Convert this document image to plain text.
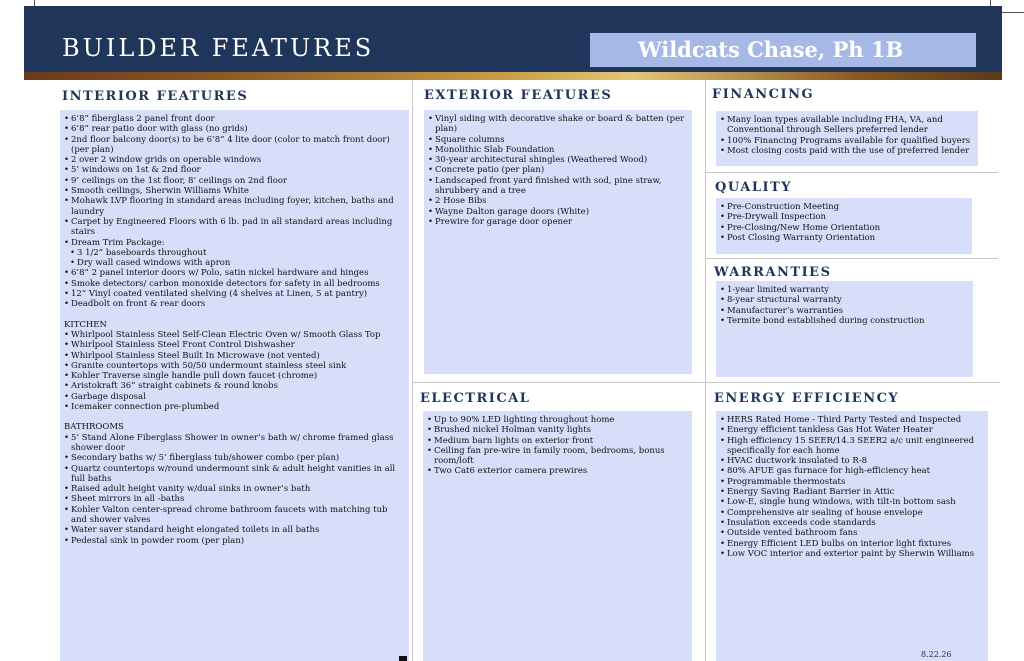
BUILDER FEATURES	Wildcats Chase, Ph 1B
INTERIOR FEATURES
• 6’8” fiberglass 2 panel front door
• 6’8” rear patio door with glass (no grids)
• 2nd floor balcony door(s) to be 6’8” 4 lite door (color to match front door) (per plan)
• 2 over 2 window grids on operable windows
• 5’ windows on 1st & 2nd floor
• 9’ ceilings on the 1st floor, 8’ ceilings on 2nd floor
• Smooth ceilings, Sherwin Williams White
• Mohawk LVP flooring in standard areas including foyer, kitchen, baths and laundry
• Carpet by Engineered Floors with 6 lb. pad in all standard areas including stairs
• Dream Trim Package:
• 3 1/2” baseboards throughout
• Dry wall cased windows with apron
• 6’8” 2 panel interior doors w/ Polo, satin nickel hardware and hinges
• Smoke detectors/ carbon monoxide detectors for safety in all bedrooms
• 12” Vinyl coated ventilated shelving (4 shelves at Linen, 5 at pantry)
• Deadbolt on front & rear doors
KITCHEN
• Whirlpool Stainless Steel Self-Clean Electric Oven w/ Smooth Glass Top
• Whirlpool Stainless Steel Front Control Dishwasher
• Whirlpool Stainless Steel Built In Microwave (not vented)
• Granite countertops with 50/50 undermount stainless steel sink
• Kohler Traverse single handle pull down faucet (chrome)
• Aristokraft 36” straight cabinets & round knobs
• Garbage disposal
• Icemaker connection pre-plumbed
BATHROOMS
• 5’ Stand Alone Fiberglass Shower in owner’s bath w/ chrome framed glass shower door
• Secondary baths w/ 5’ fiberglass tub/shower combo (per plan)
• Quartz countertops w/round undermount sink & adult height vanities in all full baths
• Raised adult height vanity w/dual sinks in owner’s bath
• Sheet mirrors in all -baths
• Kohler Valton center-spread chrome bathroom faucets with matching tub and shower valves
• Water saver standard height elongated toilets in all baths
• Pedestal sink in powder room (per plan)
EXTERIOR FEATURES
• Vinyl siding with decorative shake or board & batten (per plan)
• Square columns
• Monolithic Slab Foundation
• 30-year architectural shingles (Weathered Wood)
• Concrete patio (per plan)
• Landscaped front yard finished with sod, pine straw, shrubbery and a tree
• 2 Hose Bibs
• Wayne Dalton garage doors (White)
• Prewire for garage door opener
FINANCING
• Many loan types available including FHA, VA, and Conventional through Sellers preferred lender
• 100% Financing Programs available for qualified buyers
• Most closing costs paid with the use of preferred lender
QUALITY
• Pre-Construction Meeting
• Pre-Drywall Inspection
• Pre-Closing/New Home Orientation
• Post Closing Warranty Orientation
WARRANTIES
• 1-year limited warranty
• 8-year structural warranty
• Manufacturer’s warranties
• Termite bond established during construction
ELECTRICAL
• Up to 90% LED lighting throughout home
• Brushed nickel Holman vanity lights
• Medium barn lights on exterior front
• Ceiling fan pre-wire in family room, bedrooms, bonus room/loft
• Two Cat6 exterior camera prewires
ENERGY EFFICIENCY
• HERS Rated Home - Third Party Tested and Inspected
• Energy efficient tankless Gas Hot Water Heater
• High efficiency 15 SEER/14.3 SEER2 a/c unit engineered specifically for each home
• HVAC ductwork insulated to R-8
• 80% AFUE gas furnace for high-efficiency heat
• Programmable thermostats
• Energy Saving Radiant Barrier in Attic
• Low-E, single hung windows, with tilt-in bottom sash
• Comprehensive air sealing of house envelope
• Insulation exceeds code standards
• Outside vented bathroom fans
• Energy Efficient LED bulbs on interior light fixtures
• Low VOC interior and exterior paint by Sherwin Williams
8.22.26
